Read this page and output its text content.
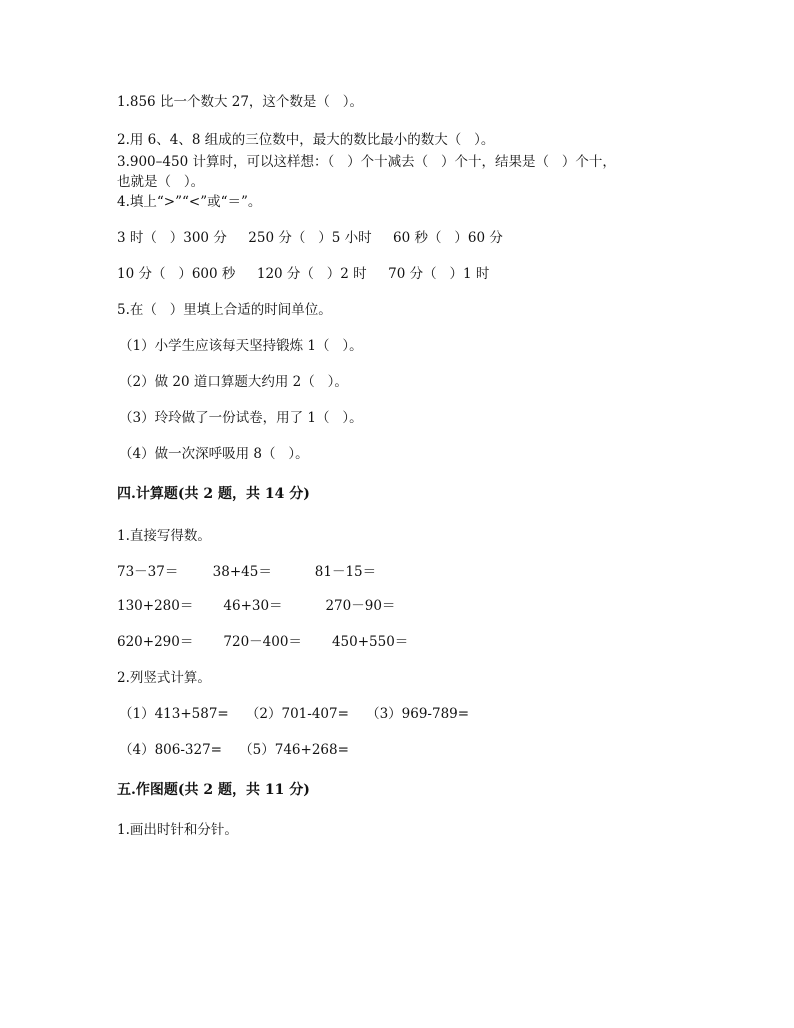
1.856 比一个数大 27，这个数是（   ）。
2.用 6、4、8 组成的三位数中，最大的数比最小的数大（   ）。
3.900–450 计算时，可以这样想：（   ）个十减去（   ）个十，结果是（   ）个十，
也就是（   ）。
4.填上“>”“<”或“＝”。
3 时（   ）300 分     250 分（   ）5 小时     60 秒（   ）60 分
10 分（   ）600 秒     120 分（   ）2 时     70 分（   ）1 时
5.在（   ）里填上合适的时间单位。
（1）小学生应该每天坚持锻炼 1（   ）。
（2）做 20 道口算题大约用 2（   ）。
（3）玲玲做了一份试卷，用了 1（   ）。
（4）做一次深呼吸用 8（   ）。
四.计算题(共 2 题，共 14 分)
1.直接写得数。
73－37＝        38+45＝          81－15＝
130+280＝       46+30＝          270－90＝
620+290＝       720－400＝       450+550＝
2.列竖式计算。
（1）413+587=    （2）701-407=    （3）969-789=
（4）806-327=    （5）746+268=
五.作图题(共 2 题，共 11 分)
1.画出时针和分针。
